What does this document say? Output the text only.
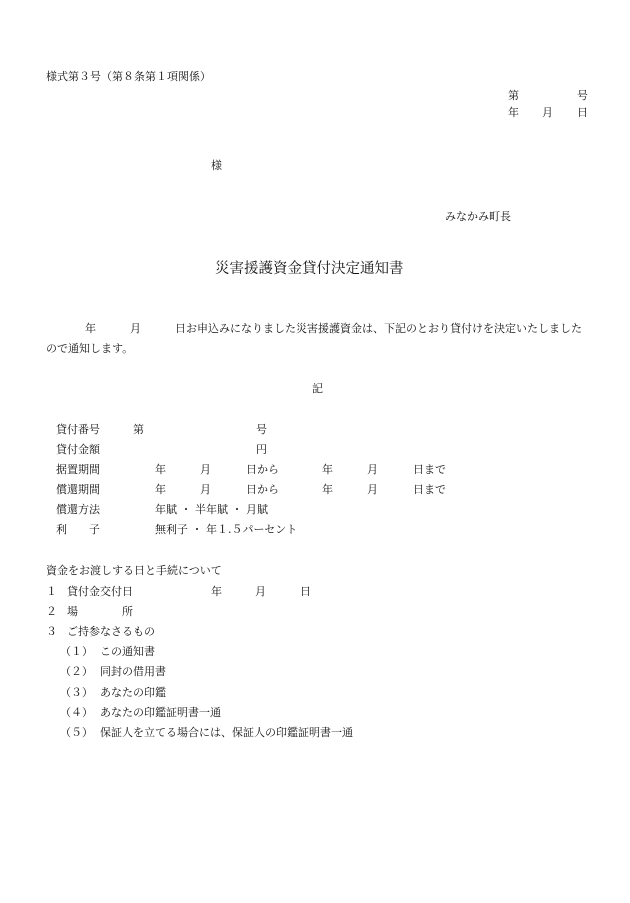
様式第３号（第８条第１項関係）
第	号
年 月 日
様
みなかみ町長
災害援護資金貸付決定通知書
年	月	日お申込みになりました災害援護資金は、下記のとおり貸付けを決定いたしました
ので通知します。
記
貸付番号	第	号
貸付金額	円
据置期間	年	月	日から	年	月	日まで
償還期間	年	月	日から	年	月	日まで
償還方法	年賦 ・ 半年賦 ・ 月賦
利　　子	無利子 ・ 年１.５パーセント
資金をお渡しする日と手続について
１ 貸付金交付日	年	月	日
２ 場　　　　所
３ ご持参なさるもの
（１） この通知書
（２） 同封の借用書
（３） あなたの印鑑
（４） あなたの印鑑証明書一通
（５） 保証人を立てる場合には、保証人の印鑑証明書一通
